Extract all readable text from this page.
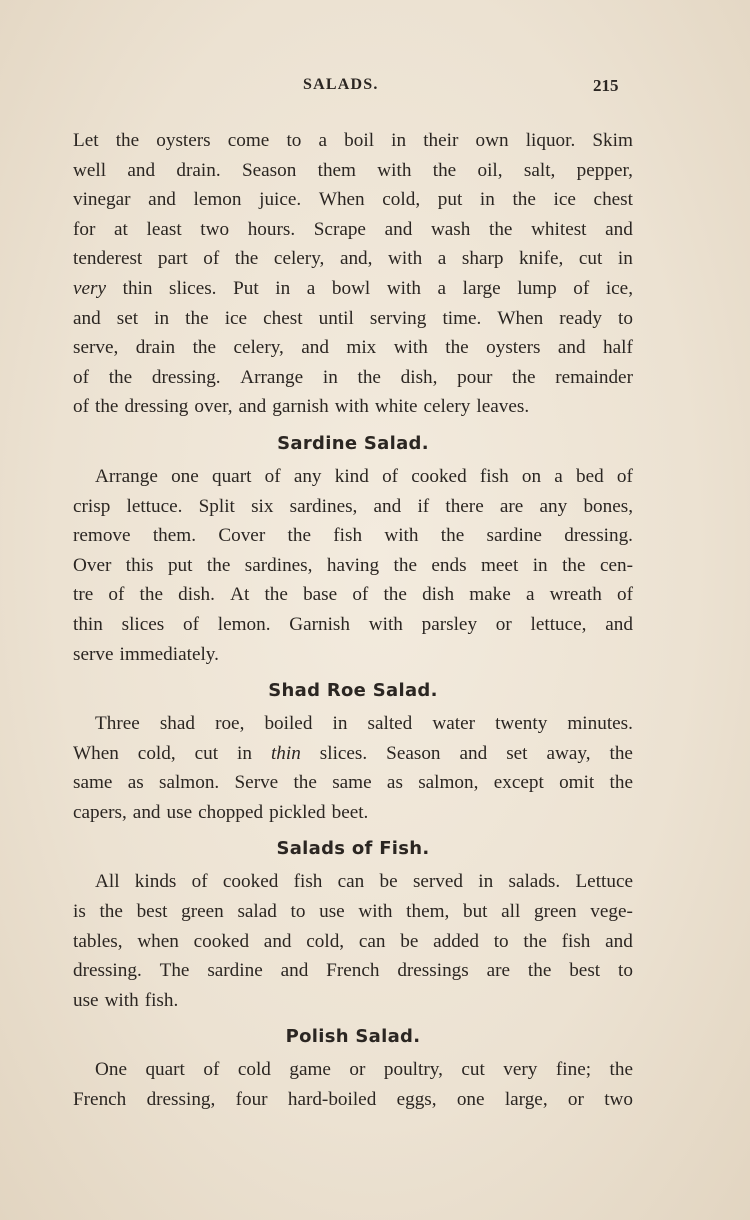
SALADS.	215
Let the oysters come to a boil in their own liquor. Skim
well and drain. Season them with the oil, salt, pepper,
vinegar and lemon juice. When cold, put in the ice chest
for at least two hours. Scrape and wash the whitest and
tenderest part of the celery, and, with a sharp knife, cut in
very thin slices. Put in a bowl with a large lump of ice,
and set in the ice chest until serving time. When ready to
serve, drain the celery, and mix with the oysters and half
of the dressing. Arrange in the dish, pour the remainder
of the dressing over, and garnish with white celery leaves.
Sardine Salad.
Arrange one quart of any kind of cooked fish on a bed of
crisp lettuce. Split six sardines, and if there are any bones,
remove them. Cover the fish with the sardine dressing.
Over this put the sardines, having the ends meet in the cen-
tre of the dish. At the base of the dish make a wreath of
thin slices of lemon. Garnish with parsley or lettuce, and
serve immediately.
Shad Roe Salad.
Three shad roe, boiled in salted water twenty minutes.
When cold, cut in thin slices. Season and set away, the
same as salmon. Serve the same as salmon, except omit the
capers, and use chopped pickled beet.
Salads of Fish.
All kinds of cooked fish can be served in salads. Lettuce
is the best green salad to use with them, but all green vege-
tables, when cooked and cold, can be added to the fish and
dressing. The sardine and French dressings are the best to
use with fish.
Polish Salad.
One quart of cold game or poultry, cut very fine; the
French dressing, four hard-boiled eggs, one large, or two
